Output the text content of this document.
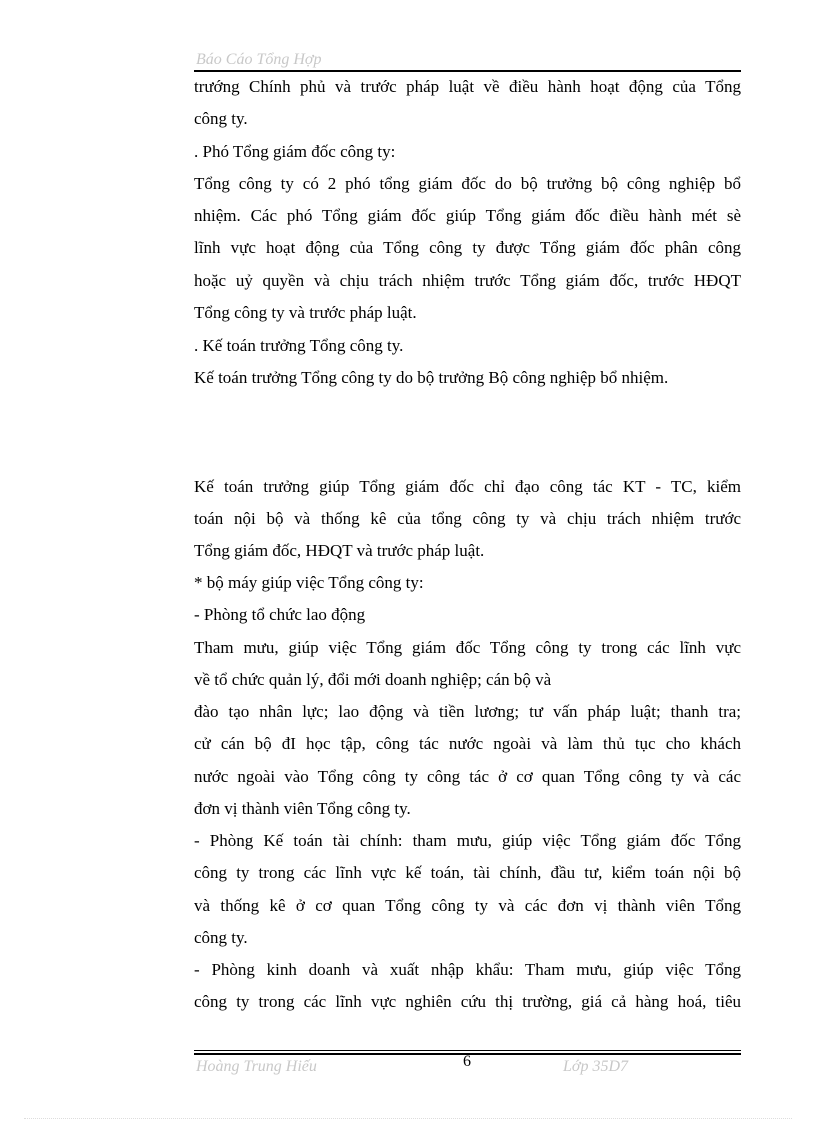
Báo Cáo Tổng Hợp
trướng Chính phủ và trước pháp luật về điều hành hoạt động của Tổng
công ty.
. Phó Tổng giám đốc công ty:
Tổng công ty có 2 phó tổng giám đốc do bộ trưởng bộ công nghiệp bổ
nhiệm. Các phó Tổng giám đốc giúp Tổng giám đốc điều hành mét sè
lĩnh vực hoạt động của Tổng công ty được Tổng giám đốc phân công
hoặc uỷ quyền và chịu trách nhiệm trước Tổng giám đốc, trước HĐQT
Tổng công ty và trước pháp luật.
. Kế toán trưởng Tổng công ty.
Kế toán trưởng Tổng công ty do bộ trưởng Bộ công nghiệp bổ nhiệm.
Kế toán trưởng giúp Tổng giám đốc chỉ đạo công tác KT - TC, kiểm
toán nội bộ và thống kê của tổng công ty và chịu trách nhiệm trước
Tổng giám đốc, HĐQT và trước pháp luật.
* bộ máy giúp việc Tổng công ty:
- Phòng tổ chức lao động
Tham mưu, giúp việc Tổng giám đốc Tổng công ty trong các lĩnh vực
về tổ chức quản lý, đổi mới doanh nghiệp; cán bộ và
đào tạo nhân lực; lao động và tiền lương; tư vấn pháp luật; thanh tra;
cử cán bộ đI học tập, công tác nước ngoài và làm thủ tục cho khách
nước ngoài vào Tổng công ty công tác ở cơ quan Tổng công ty và các
đơn vị thành viên Tổng công ty.
- Phòng Kế toán tài chính: tham mưu, giúp việc Tổng giám đốc Tổng
công ty trong các lĩnh vực kế toán, tài chính, đầu tư, kiểm toán nội bộ
và thống kê ở cơ quan Tổng công ty và các đơn vị thành viên Tổng
công ty.
- Phòng kinh doanh và xuất nhập khẩu: Tham mưu, giúp việc Tổng
công ty trong các lĩnh vực nghiên cứu thị trường, giá cả hàng hoá, tiêu
Hoàng Trung Hiếu	6	Lớp 35D7
